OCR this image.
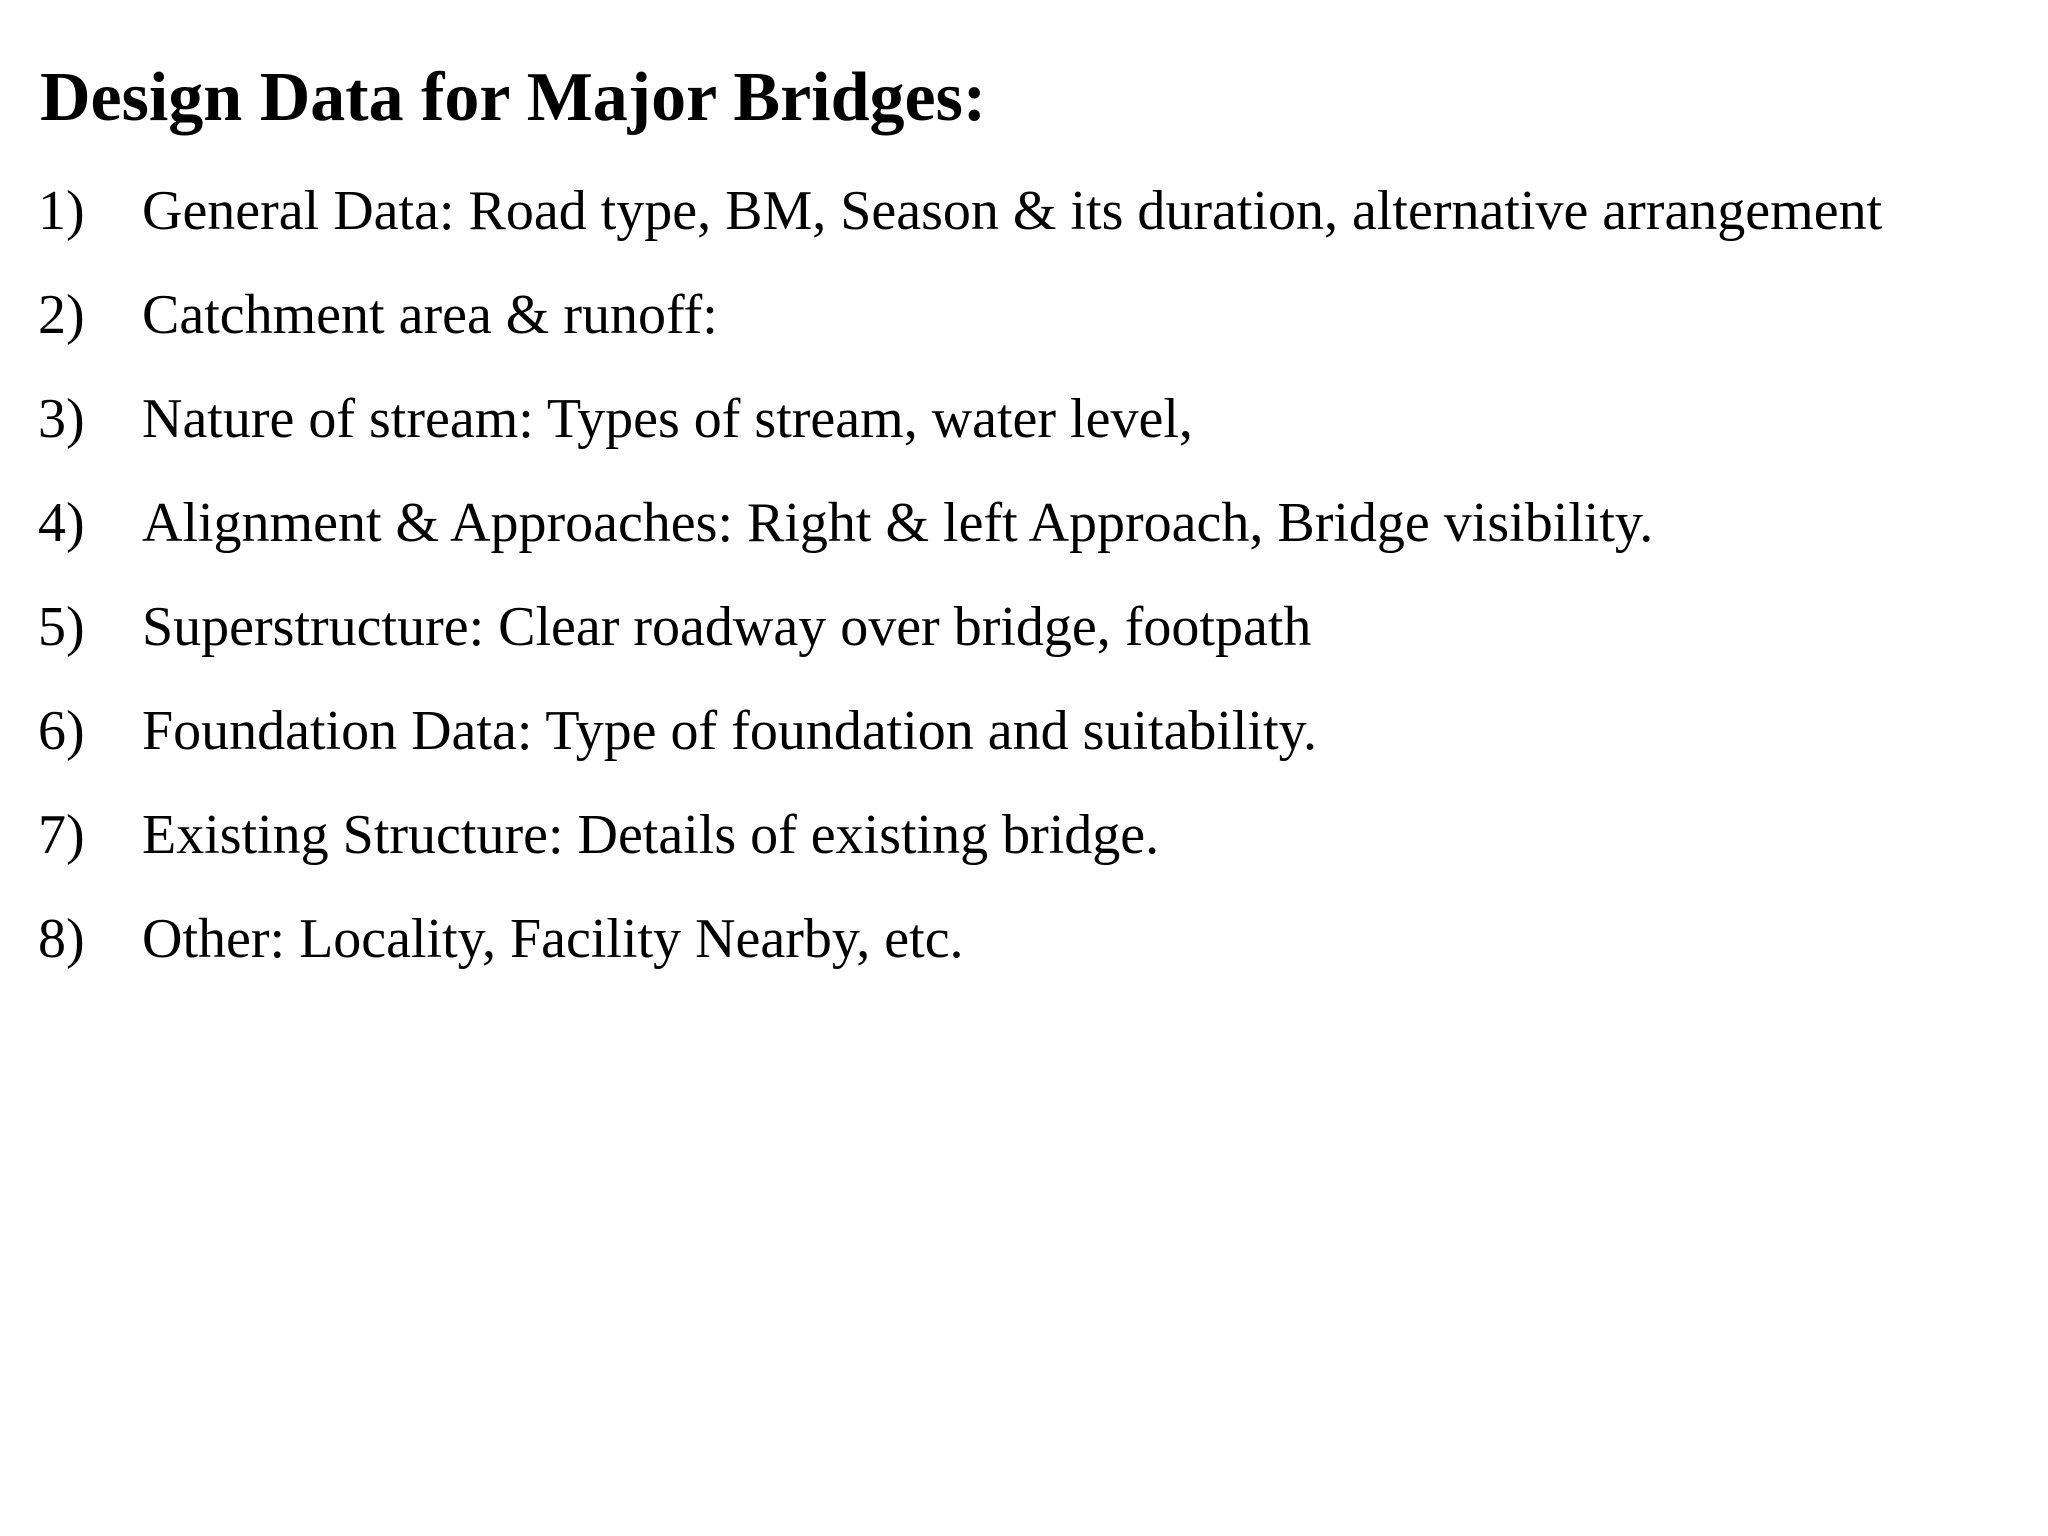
Design Data for Major Bridges:
1) General Data: Road type, BM, Season & its duration, alternative arrangement
2) Catchment area & runoff:
3) Nature of stream: Types of stream, water level,
4) Alignment & Approaches: Right & left Approach, Bridge visibility.
5) Superstructure: Clear roadway over bridge, footpath
6) Foundation Data: Type of foundation and suitability.
7) Existing Structure: Details of existing bridge.
8) Other: Locality, Facility Nearby, etc.
